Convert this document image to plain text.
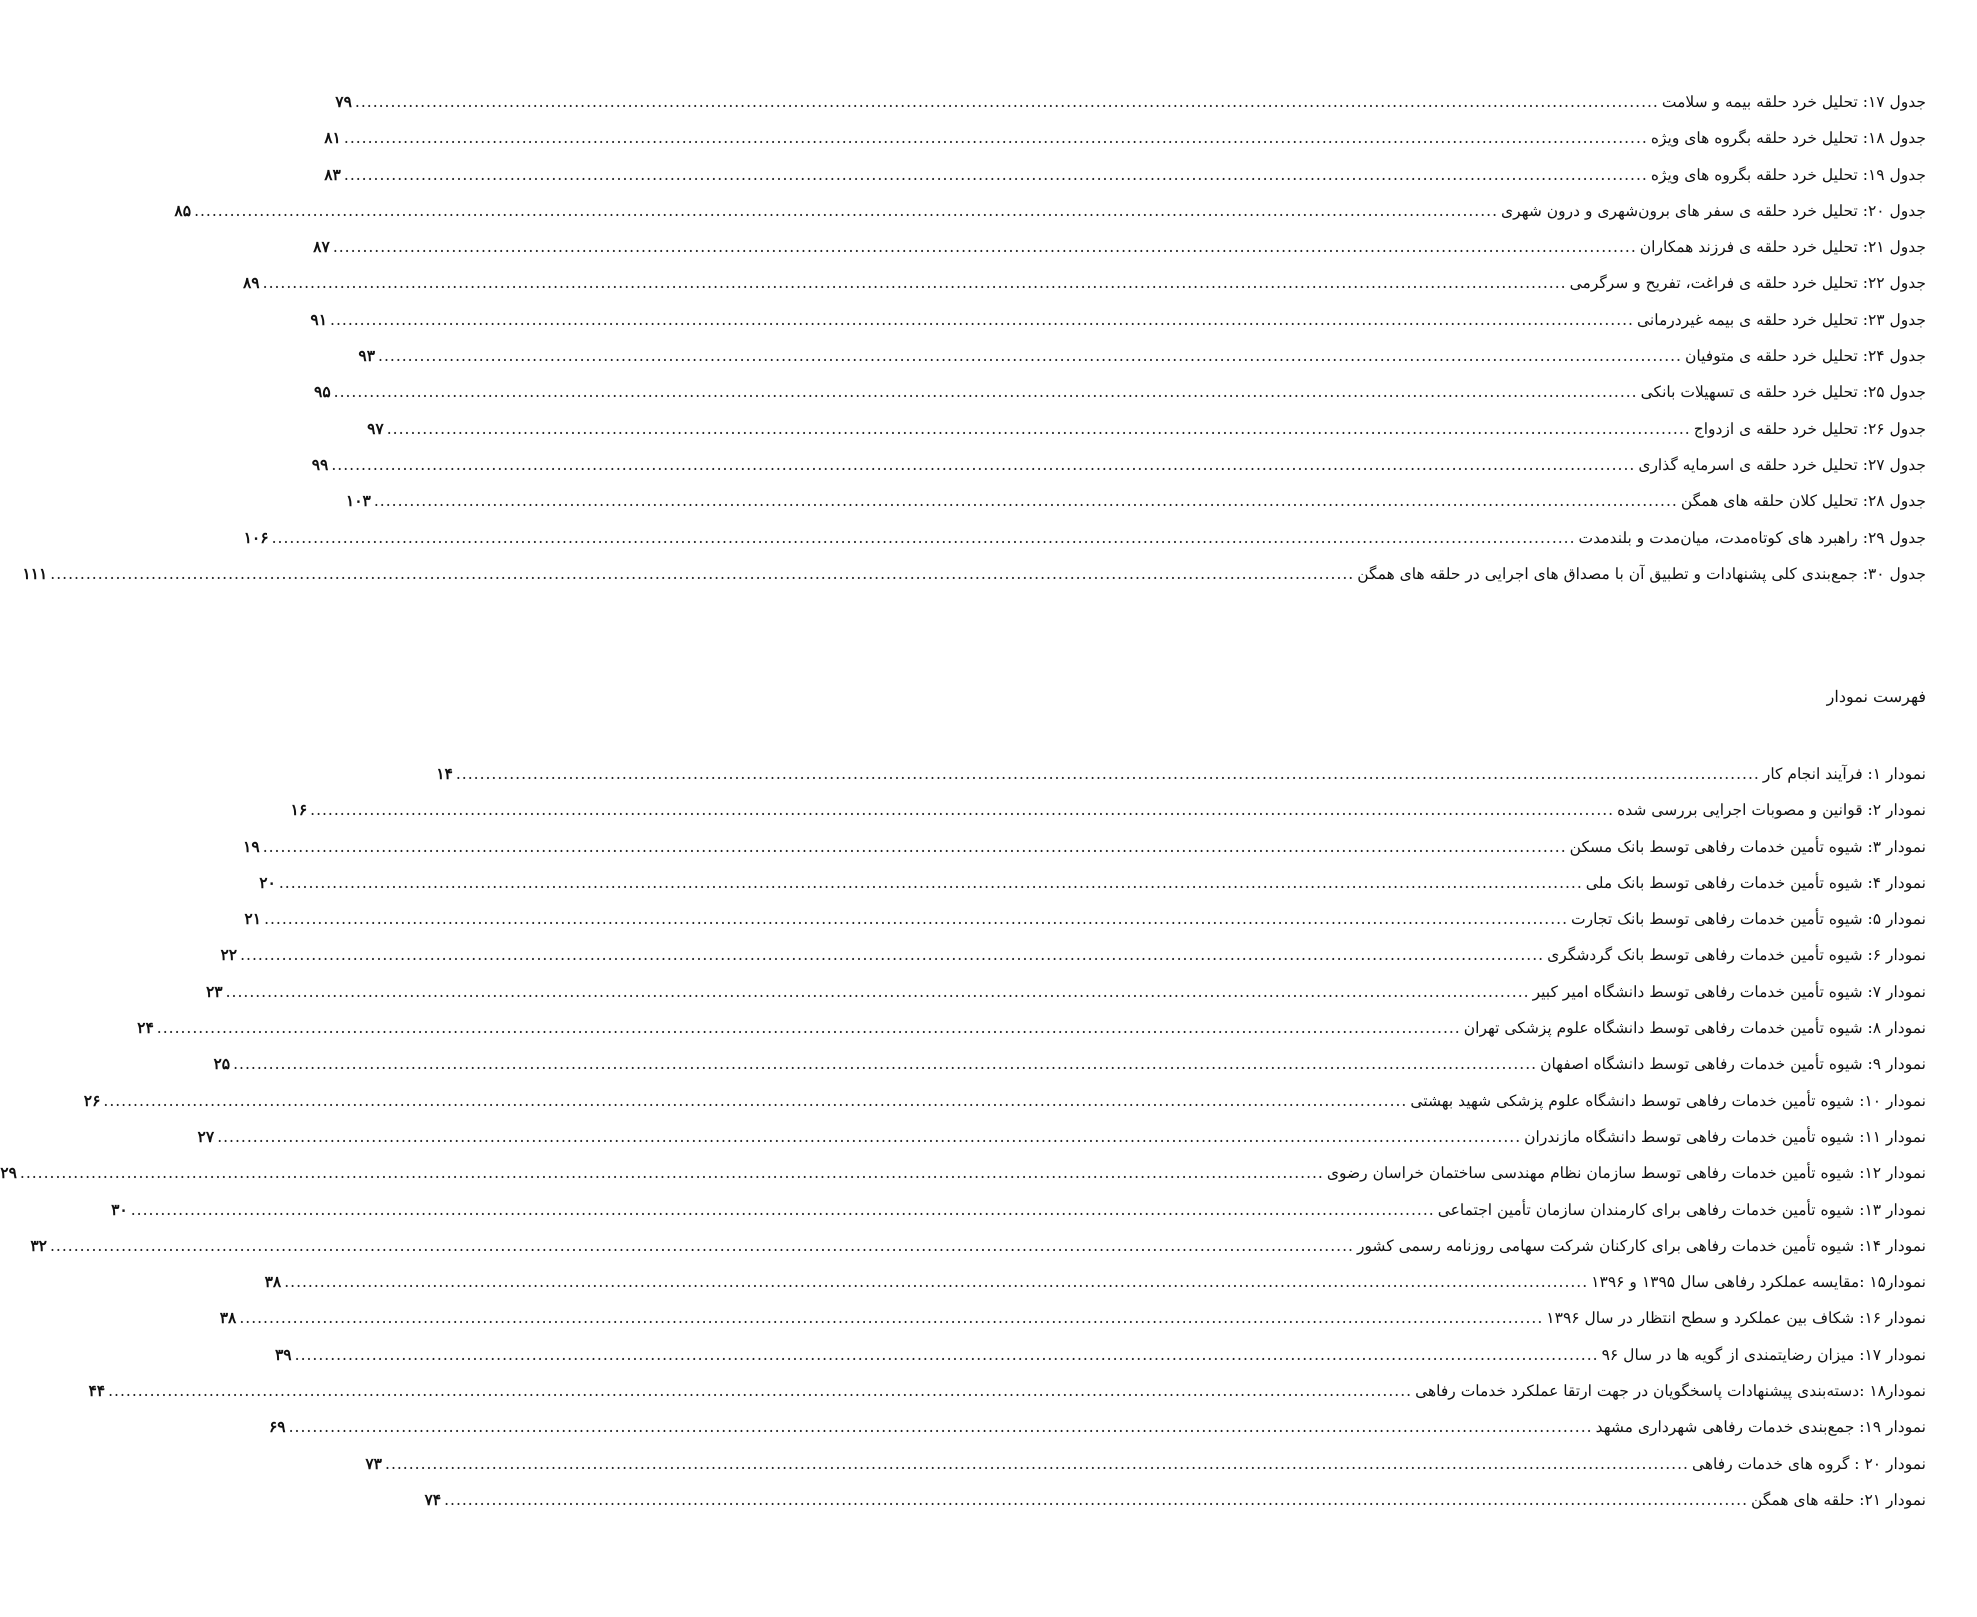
جدول ۱۷: تحلیل خرد حلقه بیمه و سلامت
............................................................................................................................................................................................................................
۷۹
جدول ۱۸: تحلیل خرد حلقه بگروه های ویژه
............................................................................................................................................................................................................................
۸۱
جدول ۱۹: تحلیل خرد حلقه بگروه های ویژه
............................................................................................................................................................................................................................
۸۳
جدول ۲۰: تحلیل خرد حلقه ی سفر های برون‌شهری و درون شهری
............................................................................................................................................................................................................................
۸۵
جدول ۲۱: تحلیل خرد حلقه ی فرزند همکاران
............................................................................................................................................................................................................................
۸۷
جدول ۲۲: تحلیل خرد حلقه ی فراغت، تفریح و سرگرمی
............................................................................................................................................................................................................................
۸۹
جدول ۲۳: تحلیل خرد حلقه ی بیمه غیردرمانی
............................................................................................................................................................................................................................
۹۱
جدول ۲۴: تحلیل خرد حلقه ی متوفیان
............................................................................................................................................................................................................................
۹۳
جدول ۲۵: تحلیل خرد حلقه ی تسهیلات بانکی
............................................................................................................................................................................................................................
۹۵
جدول ۲۶: تحلیل خرد حلقه ی ازدواج
............................................................................................................................................................................................................................
۹۷
جدول ۲۷: تحلیل خرد حلقه ی اسرمایه گذاری
............................................................................................................................................................................................................................
۹۹
جدول ۲۸: تحلیل کلان حلقه های همگن
............................................................................................................................................................................................................................
۱۰۳
جدول ۲۹: راهبرد های کوتاه‌مدت، میان‌مدت و بلندمدت
............................................................................................................................................................................................................................
۱۰۶
جدول ۳۰: جمع‌بندی کلی پشنهادات و تطبیق آن با مصداق های اجرایی در حلقه های همگن
............................................................................................................................................................................................................................
۱۱۱
فهرست نمودار
نمودار ۱: فرآیند انجام کار
............................................................................................................................................................................................................................
۱۴
نمودار ۲: قوانین و مصوبات اجرایی بررسی شده
............................................................................................................................................................................................................................
۱۶
نمودار ۳: شیوه تأمین خدمات رفاهی توسط بانک مسکن
............................................................................................................................................................................................................................
۱۹
نمودار ۴: شیوه تأمین خدمات رفاهی توسط بانک ملی
............................................................................................................................................................................................................................
۲۰
نمودار ۵: شیوه تأمین خدمات رفاهی توسط بانک تجارت
............................................................................................................................................................................................................................
۲۱
نمودار ۶: شیوه تأمین خدمات رفاهی توسط بانک گردشگری
............................................................................................................................................................................................................................
۲۲
نمودار ۷: شیوه تأمین خدمات رفاهی توسط دانشگاه امیر کبیر
............................................................................................................................................................................................................................
۲۳
نمودار ۸: شیوه تأمین خدمات رفاهی توسط دانشگاه علوم پزشکی تهران
............................................................................................................................................................................................................................
۲۴
نمودار ۹: شیوه تأمین خدمات رفاهی توسط دانشگاه اصفهان
............................................................................................................................................................................................................................
۲۵
نمودار ۱۰: شیوه تأمین خدمات رفاهی توسط دانشگاه علوم پزشکی شهید بهشتی
............................................................................................................................................................................................................................
۲۶
نمودار ۱۱: شیوه تأمین خدمات رفاهی توسط دانشگاه مازندران
............................................................................................................................................................................................................................
۲۷
نمودار ۱۲: شیوه تأمین خدمات رفاهی توسط سازمان نظام مهندسی ساختمان خراسان رضوی
............................................................................................................................................................................................................................
۲۹
نمودار ۱۳: شیوه تأمین خدمات رفاهی برای کارمندان سازمان تأمین اجتماعی
............................................................................................................................................................................................................................
۳۰
نمودار ۱۴: شیوه تأمین خدمات رفاهی برای کارکنان شرکت سهامی روزنامه رسمی کشور
............................................................................................................................................................................................................................
۳۲
نمودار۱۵ :مقایسه عملکرد رفاهی سال ۱۳۹۵ و ۱۳۹۶
............................................................................................................................................................................................................................
۳۸
نمودار ۱۶: شکاف بین عملکرد و سطح انتظار در سال ۱۳۹۶
............................................................................................................................................................................................................................
۳۸
نمودار ۱۷: میزان رضایتمندی از گویه ها در سال ۹۶
............................................................................................................................................................................................................................
۳۹
نمودار۱۸ :دسته‌بندی پیشنهادات پاسخگویان در جهت ارتقا عملکرد خدمات رفاهی
............................................................................................................................................................................................................................
۴۴
نمودار ۱۹: جمع‌بندی خدمات رفاهی شهرداری مشهد
............................................................................................................................................................................................................................
۶۹
نمودار ۲۰ : گروه های خدمات رفاهی
............................................................................................................................................................................................................................
۷۳
نمودار ۲۱: حلقه های همگن
............................................................................................................................................................................................................................
۷۴
